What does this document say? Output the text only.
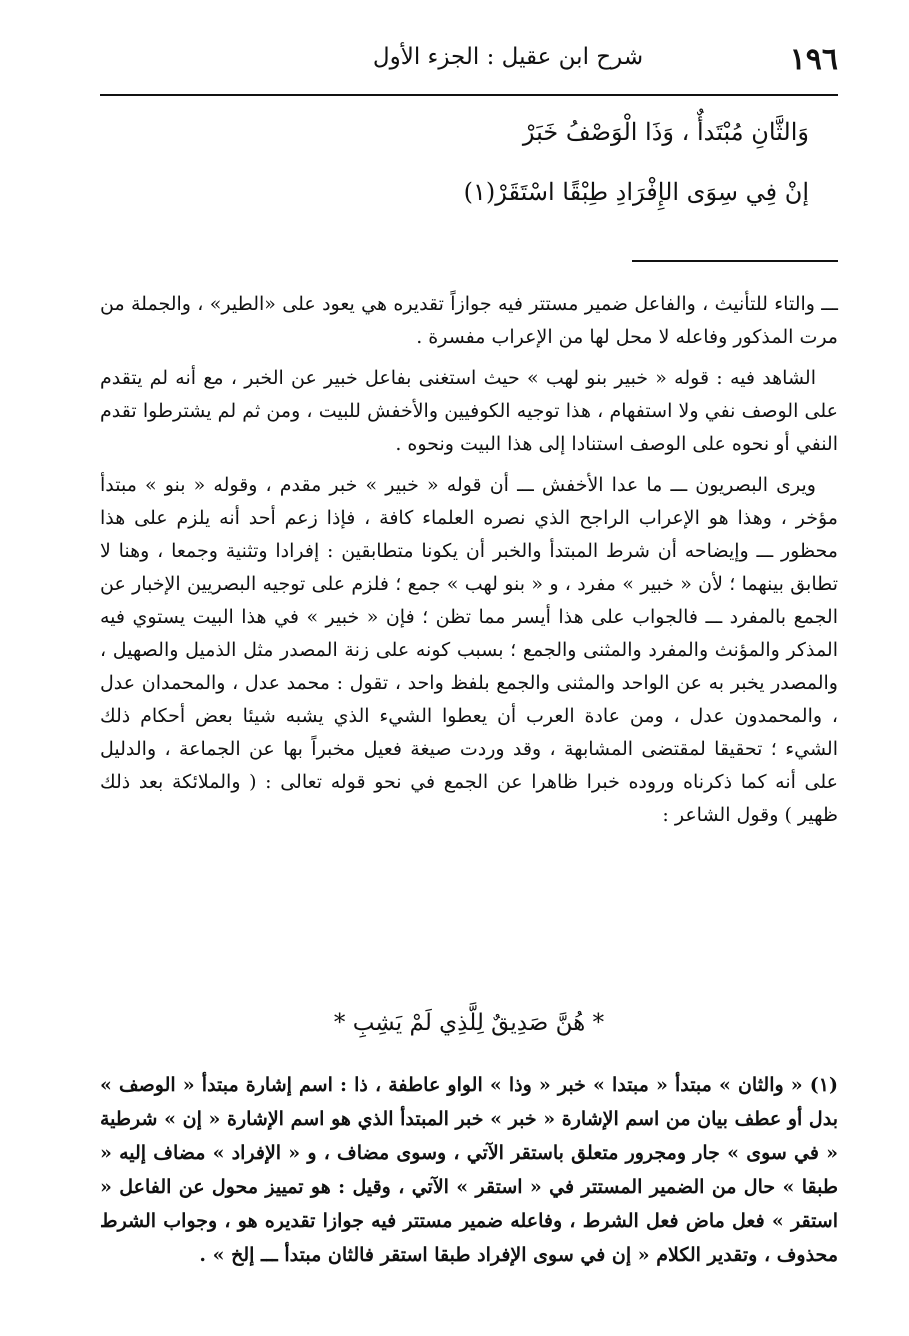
١٩٦
شرح ابن عقيل : الجزء الأول
وَالثَّانِ مُبْتَدأٌ ، وَذَا الْوَصْفُ خَبَرْ
إنْ فِي سِوَى الإِفْرَادِ طِبْقًا اسْتَقَرْ(١)

ـــ والتاء للتأنيث ، والفاعل ضمير مستتر فيه جوازاً تقديره هي يعود على «الطير» ، والجملة من مرت المذكور وفاعله لا محل لها من الإعراب مفسرة .

الشاهد فيه : قوله « خبير بنو لهب » حيث استغنى بفاعل خبير عن الخبر ، مع أنه لم يتقدم على الوصف نفي ولا استفهام ، هذا توجيه الكوفيين والأخفش للبيت ، ومن ثم لم يشترطوا تقدم النفي أو نحوه على الوصف استنادا إلى هذا البيت ونحوه .

ويرى البصريون ـــ ما عدا الأخفش ـــ أن قوله « خبير » خبر مقدم ، وقوله « بنو » مبتدأ مؤخر ، وهذا هو الإعراب الراجح الذي نصره العلماء كافة ، فإذا زعم أحد أنه يلزم على هذا محظور ـــ وإيضاحه أن شرط المبتدأ والخبر أن يكونا متطابقين : إفرادا وتثنية وجمعا ، وهنا لا تطابق بينهما ؛ لأن « خبير » مفرد ، و « بنو لهب » جمع ؛ فلزم على توجيه البصريين الإخبار عن الجمع بالمفرد ـــ فالجواب على هذا أيسر مما تظن ؛ فإن « خبير » في هذا البيت يستوي فيه المذكر والمؤنث والمفرد والمثنى والجمع ؛ بسبب كونه على زنة المصدر مثل الذميل والصهيل ، والمصدر يخبر به عن الواحد والمثنى والجمع بلفظ واحد ، تقول : محمد عدل ، والمحمدان عدل ، والمحمدون عدل ، ومن عادة العرب أن يعطوا الشيء الذي يشبه شيئا بعض أحكام ذلك الشيء ؛ تحقيقا لمقتضى المشابهة ، وقد وردت صيغة فعيل مخبراً بها عن الجماعة ، والدليل على أنه كما ذكرناه وروده خبرا ظاهرا عن الجمع في نحو قوله تعالى : ( والملائكة بعد ذلك ظهير ) وقول الشاعر :

* هُنَّ صَدِيقٌ لِلَّذِي لَمْ يَشِبِ *

(١) « والثان » مبتدأ « مبتدا » خبر « وذا » الواو عاطفة ، ذا : اسم إشارة مبتدأ « الوصف » بدل أو عطف بيان من اسم الإشارة « خبر » خبر المبتدأ الذي هو اسم الإشارة « إن » شرطية « في سوى » جار ومجرور متعلق باستقر الآتي ، وسوى مضاف ، و « الإفراد » مضاف إليه « طبقا » حال من الضمير المستتر في « استقر » الآتي ، وقيل : هو تمييز محول عن الفاعل « استقر » فعل ماض فعل الشرط ، وفاعله ضمير مستتر فيه جوازا تقديره هو ، وجواب الشرط محذوف ، وتقدير الكلام « إن في سوى الإفراد طبقا استقر فالثان مبتدأ ـــ إلخ » .
